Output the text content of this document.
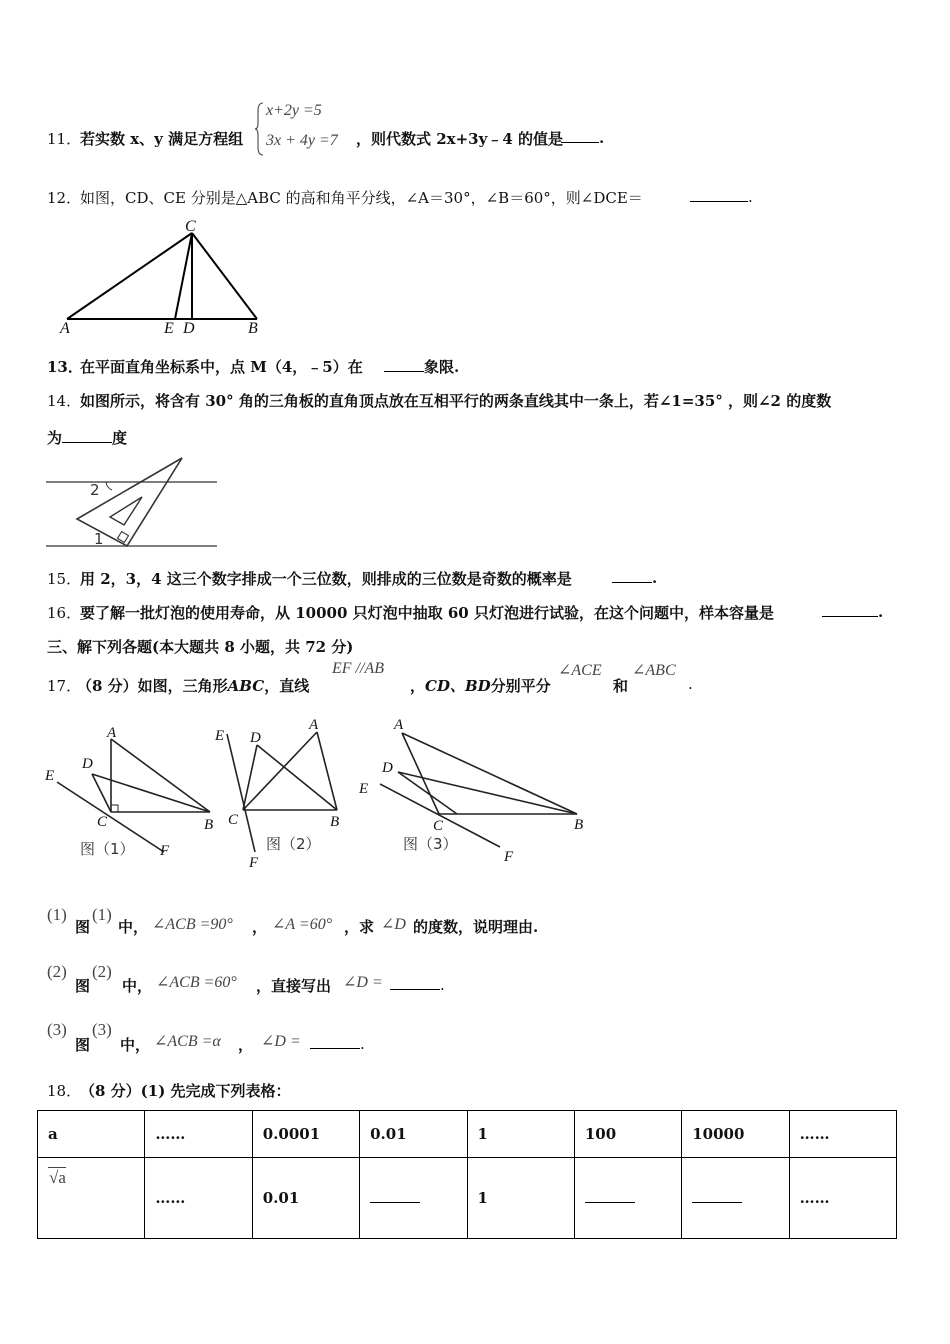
11．
若实数 x、y 满足方程组
x+2y =5
3x + 4y =7 ，则代数式 2x+3y﹣4 的值是	.
12．
如图，CD、CE 分别是△ABC 的高和角平分线，∠A＝30°，∠B＝60°，则∠DCE＝	.
A
C
E D	B
13．
在平面直角坐标系中，点 M（4，﹣5）在	象限.
14．
如图所示，将含有 30° 角的三角板的直角顶点放在互相平行的两条直线其中一条上，若∠1=35° ，则∠2 的度数
为	度
2
1
15．
用 2，3，4 这三个数字排成一个三位数，则排成的三位数是奇数的概率是	.
16．
要了解一批灯泡的使用寿命，从 10000 只灯泡中抽取 60 只灯泡进行试验，在这个问题中，样本容量是	.
三、解下列各题(本大题共 8 小题，共 72 分)
17．
（8 分）如图，三角形ABC，直线
EF //AB
，CD、BD分别平分
∠ACE
和
∠ABC
.
A
D
E
C	B
F
图（1）
E D
A
C	B
F
图（2）
A
D
E
C	B
F
图（3）
(1)
图
(1)
中， ∠ACB =90° ， ∠A =60° ，求 ∠D 的度数，说明理由.
(2)
图
(2)
中， ∠ACB =60° ，直接写出 ∠D =	.
(3)
图
(3)
中， ∠ACB =α ， ∠D =	.
18．
（8 分）(1) 先完成下列表格：
a	……	0.0001	0.01	1	100	10000	……
√a	……	0.01		1			……
